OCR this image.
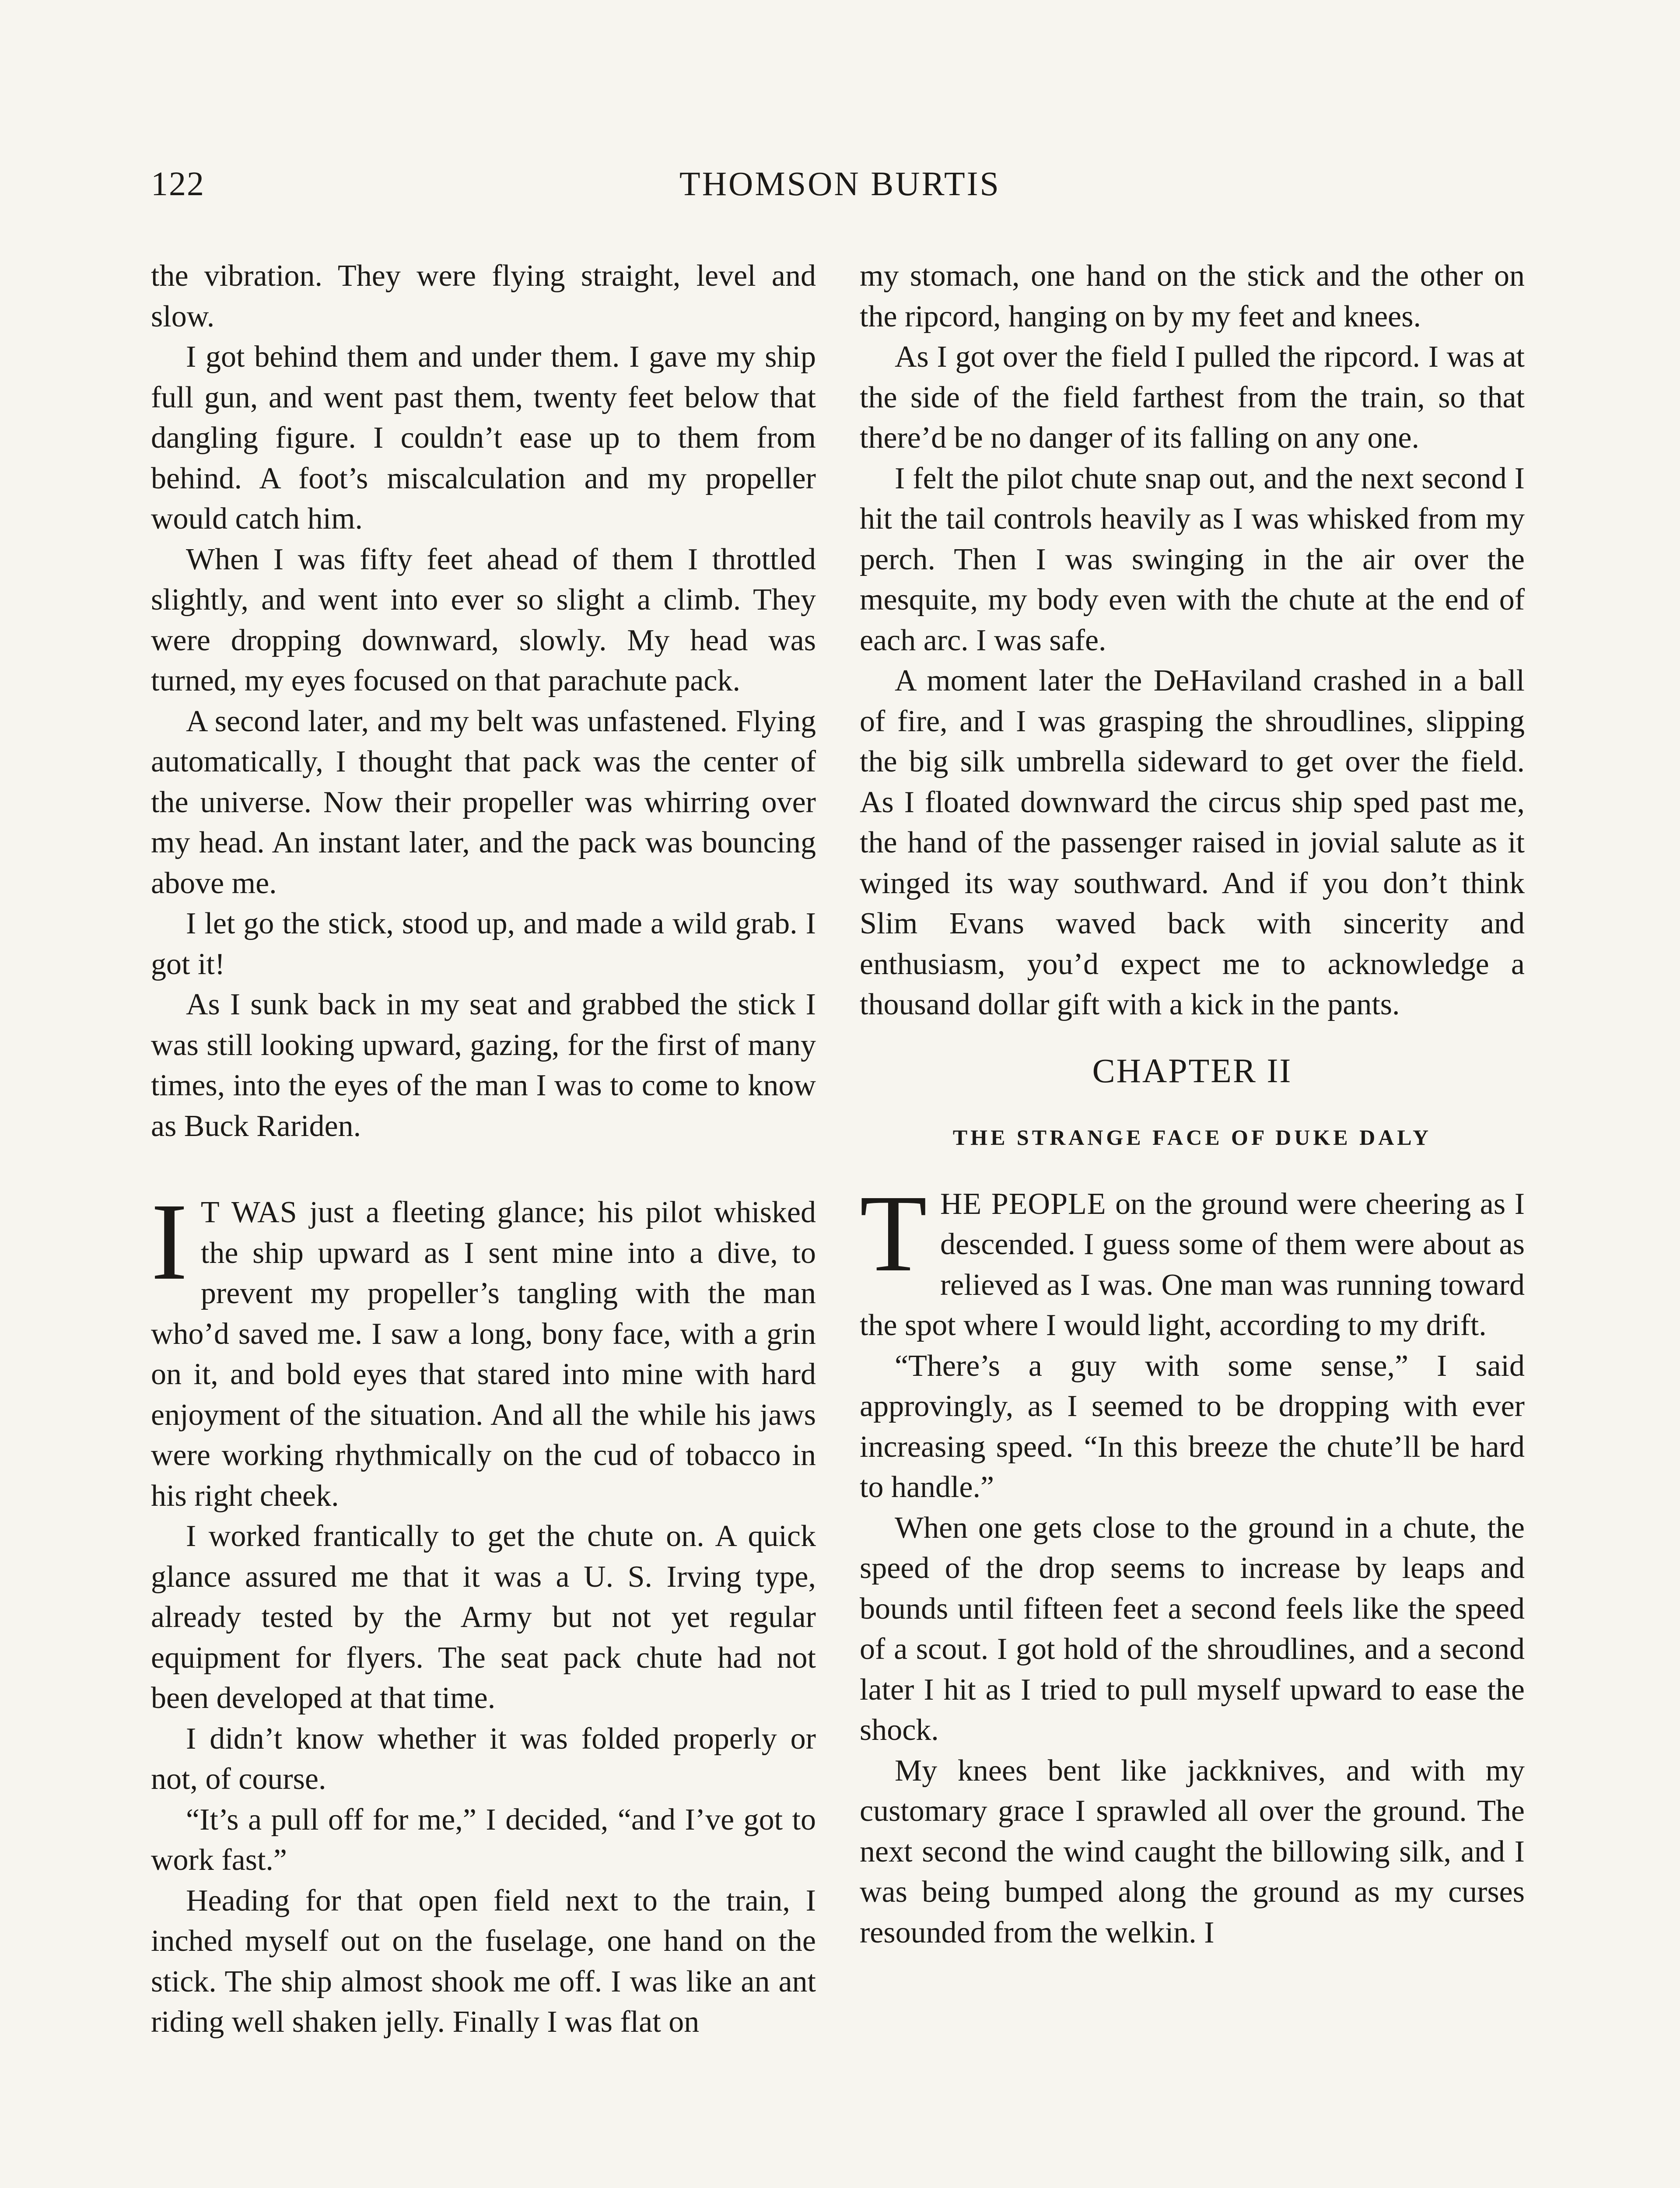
122	THOMSON BURTIS

the vibration. They were flying straight, level and slow.

I got behind them and under them. I gave my ship full gun, and went past them, twenty feet below that dangling figure. I couldn’t ease up to them from behind. A foot’s miscalculation and my propeller would catch him.

When I was fifty feet ahead of them I throttled slightly, and went into ever so slight a climb. They were dropping downward, slowly. My head was turned, my eyes focused on that parachute pack.

A second later, and my belt was unfastened. Flying automatically, I thought that pack was the center of the universe. Now their propeller was whirring over my head. An instant later, and the pack was bouncing above me.

I let go the stick, stood up, and made a wild grab. I got it!

As I sunk back in my seat and grabbed the stick I was still looking upward, gazing, for the first of many times, into the eyes of the man I was to come to know as Buck Rariden.

I T WAS just a fleeting glance; his pilot whisked the ship upward as I sent mine into a dive, to prevent my propeller’s tangling with the man who’d saved me. I saw a long, bony face, with a grin on it, and bold eyes that stared into mine with hard enjoyment of the situation. And all the while his jaws were working rhythmically on the cud of tobacco in his right cheek.

I worked frantically to get the chute on. A quick glance assured me that it was a U. S. Irving type, already tested by the Army but not yet regular equipment for flyers. The seat pack chute had not been developed at that time.

I didn’t know whether it was folded properly or not, of course.

“It’s a pull off for me,” I decided, “and I’ve got to work fast.”

Heading for that open field next to the train, I inched myself out on the fuselage, one hand on the stick. The ship almost shook me off. I was like an ant riding well shaken jelly. Finally I was flat on

my stomach, one hand on the stick and the other on the ripcord, hanging on by my feet and knees.

As I got over the field I pulled the ripcord. I was at the side of the field farthest from the train, so that there’d be no danger of its falling on any one.

I felt the pilot chute snap out, and the next second I hit the tail controls heavily as I was whisked from my perch. Then I was swinging in the air over the mesquite, my body even with the chute at the end of each arc. I was safe.

A moment later the DeHaviland crashed in a ball of fire, and I was grasping the shroudlines, slipping the big silk umbrella sideward to get over the field. As I floated downward the circus ship sped past me, the hand of the passenger raised in jovial salute as it winged its way southward. And if you don’t think Slim Evans waved back with sincerity and enthusiasm, you’d expect me to acknowledge a thousand dollar gift with a kick in the pants.

CHAPTER II
THE STRANGE FACE OF DUKE DALY

THE PEOPLE on the ground were cheering as I descended. I guess some of them were about as relieved as I was. One man was running toward the spot where I would light, according to my drift.

“There’s a guy with some sense,” I said approvingly, as I seemed to be dropping with ever increasing speed. “In this breeze the chute’ll be hard to handle.”

When one gets close to the ground in a chute, the speed of the drop seems to increase by leaps and bounds until fifteen feet a second feels like the speed of a scout. I got hold of the shroudlines, and a second later I hit as I tried to pull myself upward to ease the shock.

My knees bent like jackknives, and with my customary grace I sprawled all over the ground. The next second the wind caught the billowing silk, and I was being bumped along the ground as my curses resounded from the welkin. I
